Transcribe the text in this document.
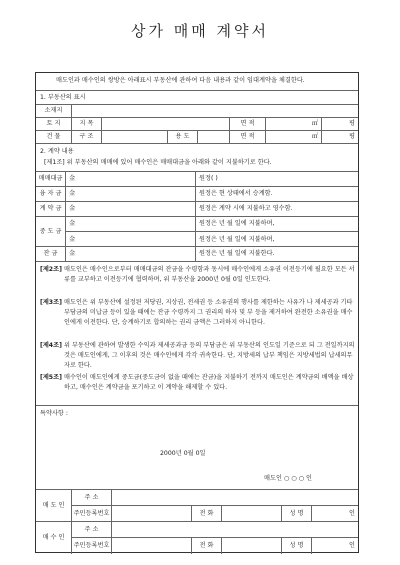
상가 매매 계약서
매도인과 매수인의 쌍방은 아래표시 부동산에 관하여 다음 내용과 같이 임대계약을 체결한다.
1. 부동산의 표시
소재지
토 지	지 목	면 적	㎡	평
건 물	구 조	용 도	면 적	㎡	평
2. 계약 내용
[제1조] 위 부동산의 매매에 있어 매수인은 매매대금을 아래와 같이 지불하기로 한다.
매매대금	金	원정( )
융 자 금	金	원정은 현 상태에서 승계함.
계 약 금	金	원정은 계약 시에 지불하고 영수함.
중 도 금
金	원정은 년 월 일에 지불하며,
金	원정은 년 월 일에 지불하며,
잔 금	金	원정은 년 월 일에 지불한다.
[제2조] 매도인은 매수인으로부터 매매대금의 잔금을 수령함과 동시에 매수인에게 소유권 이전등기에 필요한 모든 서류를 교부하고 이전등기에 협력하며, 위 부동산을 2000년 0월 0일 인도한다.
[제3조] 매도인은 위 부동산에 설정된 저당권, 지상권, 전세권 등 소유권의 행사를 제한하는 사유가 나 제세공과 기타 부담금의 미납금 등이 있을 때에는 잔금 수령까지 그 권리의 하자 및 부 등을 제거하여 완전한 소유권을 매수인에게 이전한다. 단, 승계하기로 합의하는 권리 금액은 그러하지 아니한다.
[제4조] 위 부동산에 관하여 발생한 수익과 제세공과금 등의 부담금은 위 부동산의 인도일 기준으로 되 그 전일까지의 것은 매도인에게, 그 이후의 것은 매수인에게 각각 귀속한다. 단, 지방세의 납부 책임은 지방세법의 납세의무자로 한다.
[제5조] 매수인이 매도인에게 중도금(중도금이 없을 때에는 잔금)을 지불하기 전까지 매도인은 계약금의 배액을 배상하고, 매수인은 계약금을 포기하고 이 계약을 해제할 수 있다.
특약사항 :
2000년 0월 0일
매도인 ○ ○ ○ 인
매 도 인
주 소
주민등록번호	전 화	성 명	인
매 수 인
주 소
주민등록번호	전 화	성 명	인
